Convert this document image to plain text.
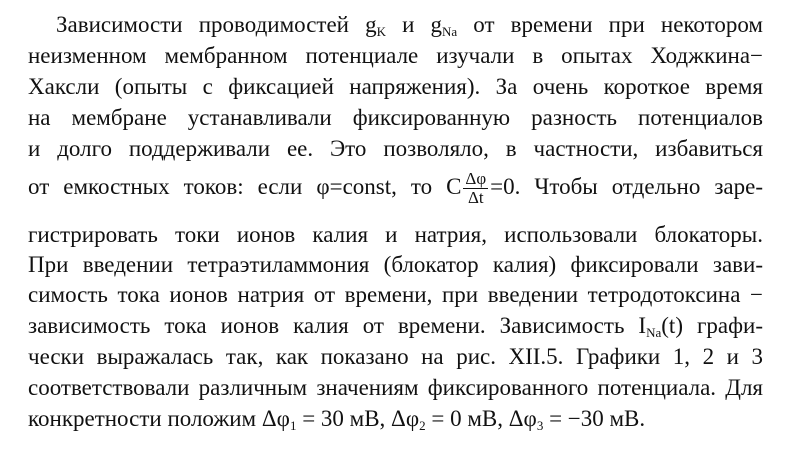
Зависимости проводимостей $g_K$ и $g_{Na}$ от времени при некотором
неизменном мембранном потенциале изучали в опытах Ходжкина−
Хаксли (опыты с фиксацией напряжения). За очень короткое время
на мембране устанавливали фиксированную разность потенциалов
и долго поддерживали ее. Это позволяло, в частности, избавиться
от емкостных токов: если φ=const, то C $\frac{\Delta\varphi}{\Delta t} =0$. Чтобы отдельно заре-
гистрировать токи ионов калия и натрия, использовали блокаторы.
При введении тетраэтиламмония (блокатор калия) фиксировали зави-
симость тока ионов натрия от времени, при введении тетродотоксина −
зависимость тока ионов калия от времени. Зависимость $I_{Na}(t)$ графи-
чески выражалась так, как показано на рис. XII.5. Графики 1, 2 и 3
соответствовали различным значениям фиксированного потенциала. Для
конкретности положим $\Delta\varphi_1 = 30$ мВ, $\Delta\varphi_2 = 0$ мВ, $\Delta\varphi_3 = -30$ мВ.
